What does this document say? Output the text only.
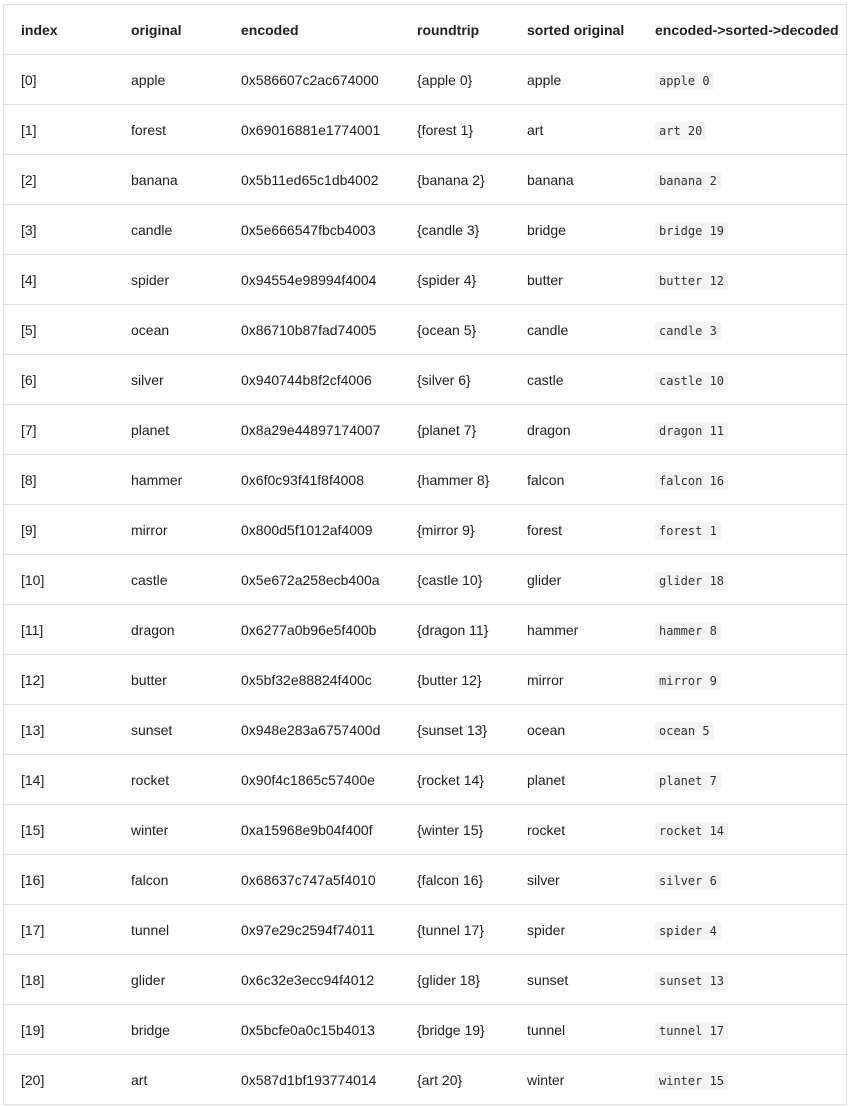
index	original	encoded	roundtrip	sorted original	encoded->sorted->decoded
[0]	apple	0x586607c2ac674000	{apple 0}	apple	apple 0
[1]	forest	0x69016881e1774001	{forest 1}	art	art 20
[2]	banana	0x5b11ed65c1db4002	{banana 2}	banana	banana 2
[3]	candle	0x5e666547fbcb4003	{candle 3}	bridge	bridge 19
[4]	spider	0x94554e98994f4004	{spider 4}	butter	butter 12
[5]	ocean	0x86710b87fad74005	{ocean 5}	candle	candle 3
[6]	silver	0x940744b8f2cf4006	{silver 6}	castle	castle 10
[7]	planet	0x8a29e44897174007	{planet 7}	dragon	dragon 11
[8]	hammer	0x6f0c93f41f8f4008	{hammer 8}	falcon	falcon 16
[9]	mirror	0x800d5f1012af4009	{mirror 9}	forest	forest 1
[10]	castle	0x5e672a258ecb400a	{castle 10}	glider	glider 18
[11]	dragon	0x6277a0b96e5f400b	{dragon 11}	hammer	hammer 8
[12]	butter	0x5bf32e88824f400c	{butter 12}	mirror	mirror 9
[13]	sunset	0x948e283a6757400d	{sunset 13}	ocean	ocean 5
[14]	rocket	0x90f4c1865c57400e	{rocket 14}	planet	planet 7
[15]	winter	0xa15968e9b04f400f	{winter 15}	rocket	rocket 14
[16]	falcon	0x68637c747a5f4010	{falcon 16}	silver	silver 6
[17]	tunnel	0x97e29c2594f74011	{tunnel 17}	spider	spider 4
[18]	glider	0x6c32e3ecc94f4012	{glider 18}	sunset	sunset 13
[19]	bridge	0x5bcfe0a0c15b4013	{bridge 19}	tunnel	tunnel 17
[20]	art	0x587d1bf193774014	{art 20}	winter	winter 15
